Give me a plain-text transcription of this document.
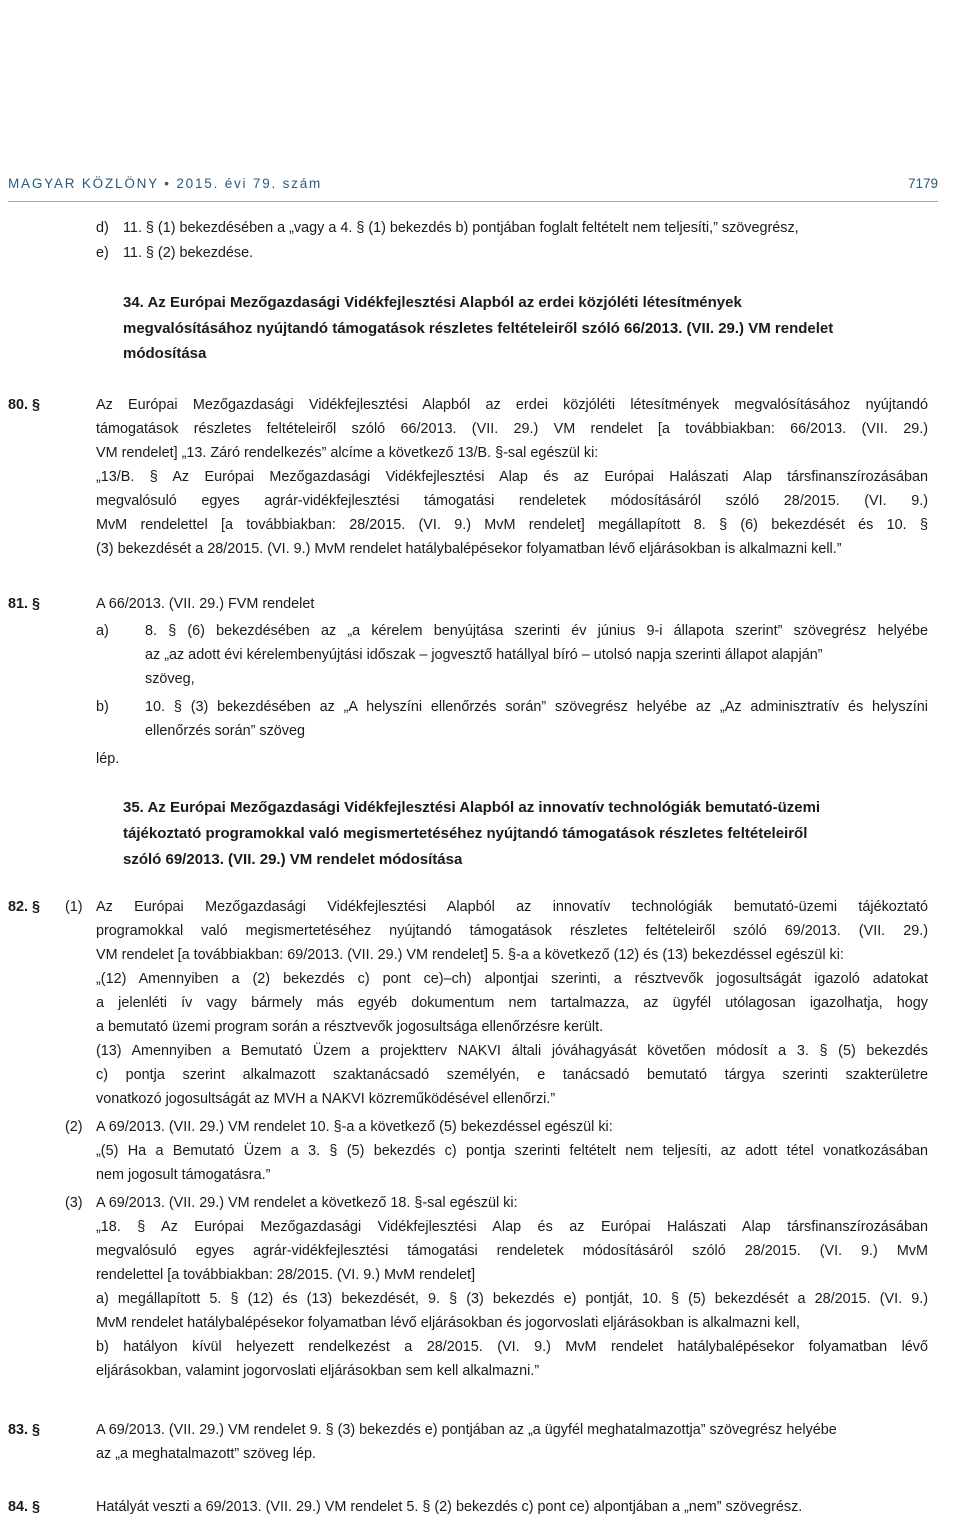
MAGYAR KÖZLÖNY • 2015. évi 79. szám	7179
d) 11. § (1) bekezdésében a „vagy a 4. § (1) bekezdés b) pontjában foglalt feltételt nem teljesíti,” szövegrész,
e) 11. § (2) bekezdése.
34. Az Európai Mezőgazdasági Vidékfejlesztési Alapból az erdei közjóléti létesítmények
megvalósításához nyújtandó támogatások részletes feltételeiről szóló 66/2013. (VII. 29.) VM rendelet
módosítása
80. §	Az Európai Mezőgazdasági Vidékfejlesztési Alapból az erdei közjóléti létesítmények megvalósításához nyújtandó
támogatások részletes feltételeiről szóló 66/2013. (VII. 29.) VM rendelet [a továbbiakban: 66/2013. (VII. 29.)
VM rendelet] „13. Záró rendelkezés” alcíme a következő 13/B. §-sal egészül ki:
„13/B. § Az Európai Mezőgazdasági Vidékfejlesztési Alap és az Európai Halászati Alap társfinanszírozásában
megvalósuló egyes agrár-vidékfejlesztési támogatási rendeletek módosításáról szóló 28/2015. (VI. 9.)
MvM rendelettel [a továbbiakban: 28/2015. (VI. 9.) MvM rendelet] megállapított 8. § (6) bekezdését és 10. §
(3) bekezdését a 28/2015. (VI. 9.) MvM rendelet hatálybalépésekor folyamatban lévő eljárásokban is alkalmazni kell.”
81. §	A 66/2013. (VII. 29.) FVM rendelet
a)	8. § (6) bekezdésében az „a kérelem benyújtása szerinti év június 9-i állapota szerint” szövegrész helyébe
az „az adott évi kérelembenyújtási időszak – jogvesztő hatállyal bíró – utolsó napja szerinti állapot alapján”
szöveg,
b)	10. § (3) bekezdésében az „A helyszíni ellenőrzés során” szövegrész helyébe az „Az adminisztratív és helyszíni
ellenőrzés során” szöveg
lép.
35. Az Európai Mezőgazdasági Vidékfejlesztési Alapból az innovatív technológiák bemutató-üzemi
tájékoztató programokkal való megismertetéséhez nyújtandó támogatások részletes feltételeiről
szóló 69/2013. (VII. 29.) VM rendelet módosítása
82. § (1) Az Európai Mezőgazdasági Vidékfejlesztési Alapból az innovatív technológiák bemutató-üzemi tájékoztató
programokkal való megismertetéséhez nyújtandó támogatások részletes feltételeiről szóló 69/2013. (VII. 29.)
VM rendelet [a továbbiakban: 69/2013. (VII. 29.) VM rendelet] 5. §-a a következő (12) és (13) bekezdéssel egészül ki:
„(12) Amennyiben a (2) bekezdés c) pont ce)–ch) alpontjai szerinti, a résztvevők jogosultságát igazoló adatokat
a jelenléti ív vagy bármely más egyéb dokumentum nem tartalmazza, az ügyfél utólagosan igazolhatja, hogy
a bemutató üzemi program során a résztvevők jogosultsága ellenőrzésre került.
(13) Amennyiben a Bemutató Üzem a projektterv NAKVI általi jóváhagyását követően módosít a 3. § (5) bekezdés
c) pontja szerint alkalmazott szaktanácsadó személyén, e tanácsadó bemutató tárgya szerinti szakterületre
vonatkozó jogosultságát az MVH a NAKVI közreműködésével ellenőrzi.”
(2) A 69/2013. (VII. 29.) VM rendelet 10. §-a a következő (5) bekezdéssel egészül ki:
„(5) Ha a Bemutató Üzem a 3. § (5) bekezdés c) pontja szerinti feltételt nem teljesíti, az adott tétel vonatkozásában
nem jogosult támogatásra.”
(3) A 69/2013. (VII. 29.) VM rendelet a következő 18. §-sal egészül ki:
„18. § Az Európai Mezőgazdasági Vidékfejlesztési Alap és az Európai Halászati Alap társfinanszírozásában
megvalósuló egyes agrár-vidékfejlesztési támogatási rendeletek módosításáról szóló 28/2015. (VI. 9.) MvM
rendelettel [a továbbiakban: 28/2015. (VI. 9.) MvM rendelet]
a) megállapított 5. § (12) és (13) bekezdését, 9. § (3) bekezdés e) pontját, 10. § (5) bekezdését a 28/2015. (VI. 9.)
MvM rendelet hatálybalépésekor folyamatban lévő eljárásokban és jogorvoslati eljárásokban is alkalmazni kell,
b) hatályon kívül helyezett rendelkezést a 28/2015. (VI. 9.) MvM rendelet hatálybalépésekor folyamatban lévő
eljárásokban, valamint jogorvoslati eljárásokban sem kell alkalmazni.”
83. §	A 69/2013. (VII. 29.) VM rendelet 9. § (3) bekezdés e) pontjában az „a ügyfél meghatalmazottja” szövegrész helyébe
az „a meghatalmazott” szöveg lép.
84. §	Hatályát veszti a 69/2013. (VII. 29.) VM rendelet 5. § (2) bekezdés c) pont ce) alpontjában a „nem” szövegrész.
